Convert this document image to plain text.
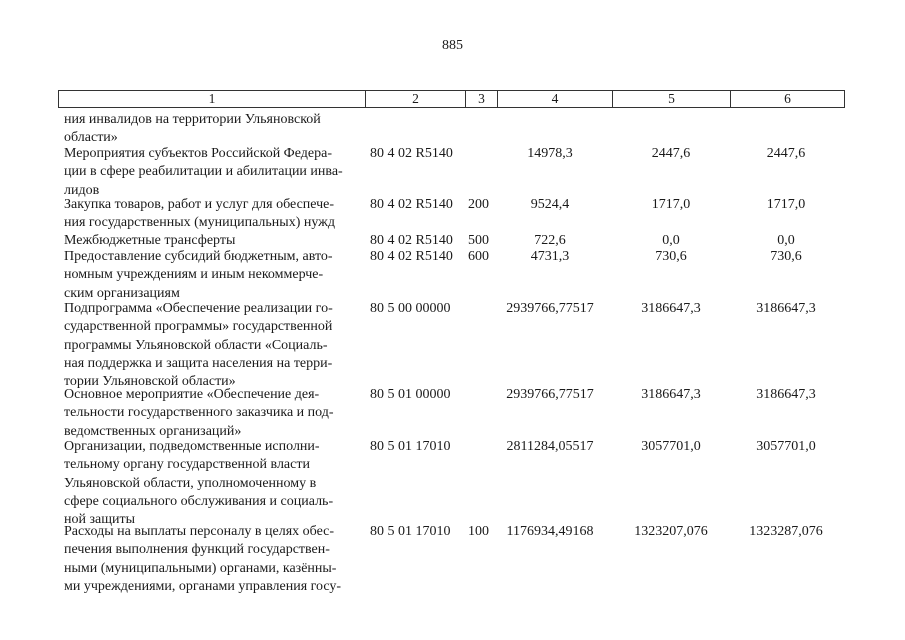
885
1	2	3	4	5	6
ния инвалидов на территории Ульяновской
области»
Мероприятия субъектов Российской Федера-
ции в сфере реабилитации и абилитации инва-
лидов
80 4 02 R5140	14978,3	2447,6	2447,6
Закупка товаров, работ и услуг для обеспече-
ния государственных (муниципальных) нужд
80 4 02 R5140 200	9524,4	1717,0	1717,0
Межбюджетные трансферты	80 4 02 R5140 500	722,6	0,0	0,0
Предоставление субсидий бюджетным, авто-
номным учреждениям и иным некоммерче-
ским организациям
80 4 02 R5140 600	4731,3	730,6	730,6
Подпрограмма «Обеспечение реализации го-
сударственной программы» государственной
программы Ульяновской области «Социаль-
ная поддержка и защита населения на терри-
тории Ульяновской области»
80 5 00 00000	2939766,77517	3186647,3	3186647,3
Основное мероприятие «Обеспечение дея-
тельности государственного заказчика и под-
ведомственных организаций»
80 5 01 00000	2939766,77517	3186647,3	3186647,3
Организации, подведомственные исполни-
тельному органу государственной власти
Ульяновской области, уполномоченному в
сфере социального обслуживания и социаль-
ной защиты
80 5 01 17010	2811284,05517	3057701,0	3057701,0
Расходы на выплаты персоналу в целях обес-
печения выполнения функций государствен-
ными (муниципальными) органами, казённы-
ми учреждениями, органами управления госу-
80 5 01 17010 100	1176934,49168	1323207,076	1323287,076
